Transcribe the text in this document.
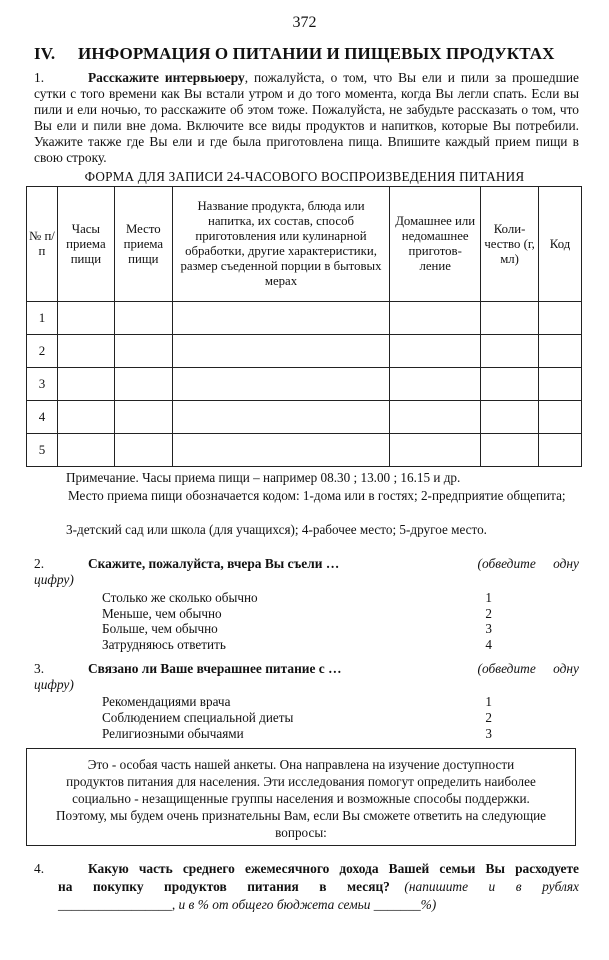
372
IV. ИНФОРМАЦИЯ О ПИТАНИИ И ПИЩЕВЫХ ПРОДУКТАХ
1.	Расскажите интервьюеру, пожалуйста, о том, что Вы ели и пили за прошедшие сутки с того времени как Вы встали утром и до того момента, когда Вы легли спать. Если вы пили и ели ночью, то расскажите об этом тоже. Пожалуйста, не забудьте рассказать о том, что Вы ели и пили вне дома. Включите все виды продуктов и напитков, которые Вы потребили. Укажите также где Вы ели и где была приготовлена пища. Впишите каждый прием пищи в свою строку.
ФОРМА ДЛЯ ЗАПИСИ 24-ЧАСОВОГО ВОСПРОИЗВЕДЕНИЯ ПИТАНИЯ
№ п/п	Часы приема пищи	Место приема пищи	Название продукта, блюда или напитка, их состав, способ приготовления или кулинарной обработки, другие характеристики, размер съеденной порции в бытовых мерах	Домашнее или недомашнее приготов- ление	Коли- чество (г, мл)	Код
1						
2						
3						
4						
5						
Примечание. Часы приема пищи – например 08.30 ; 13.00 ; 16.15 и др.
Место приема пищи обозначается кодом: 1-дома или в гостях; 2-предприятие общепита;
3-детский сад или школа (для учащихся); 4-рабочее место; 5-другое место.
2.	Скажите, пожалуйста, вчера Вы съели …	(обведите одну
цифру)
Столько же сколько обычно	1
Меньше, чем обычно	2
Больше, чем обычно	3
Затрудняюсь ответить	4
3.	Связано ли Ваше вчерашнее питание с …	(обведите одну
цифру)
Рекомендациями врача	1
Соблюдением специальной диеты	2
Религиозными обычаями	3
Это - особая часть нашей анкеты. Она направлена на изучение доступности
продуктов питания для населения. Эти исследования помогут определить наиболее
социально - незащищенные группы населения и возможные способы поддержки.
Поэтому, мы будем очень признательны Вам, если Вы сможете ответить на следующие
вопросы:
4.	Какую часть среднего ежемесячного дохода Вашей семьи Вы расходуете
на покупку продуктов питания в месяц? (напишите и в рублях
_________________, и в % от общего бюджета семьи _______%)
